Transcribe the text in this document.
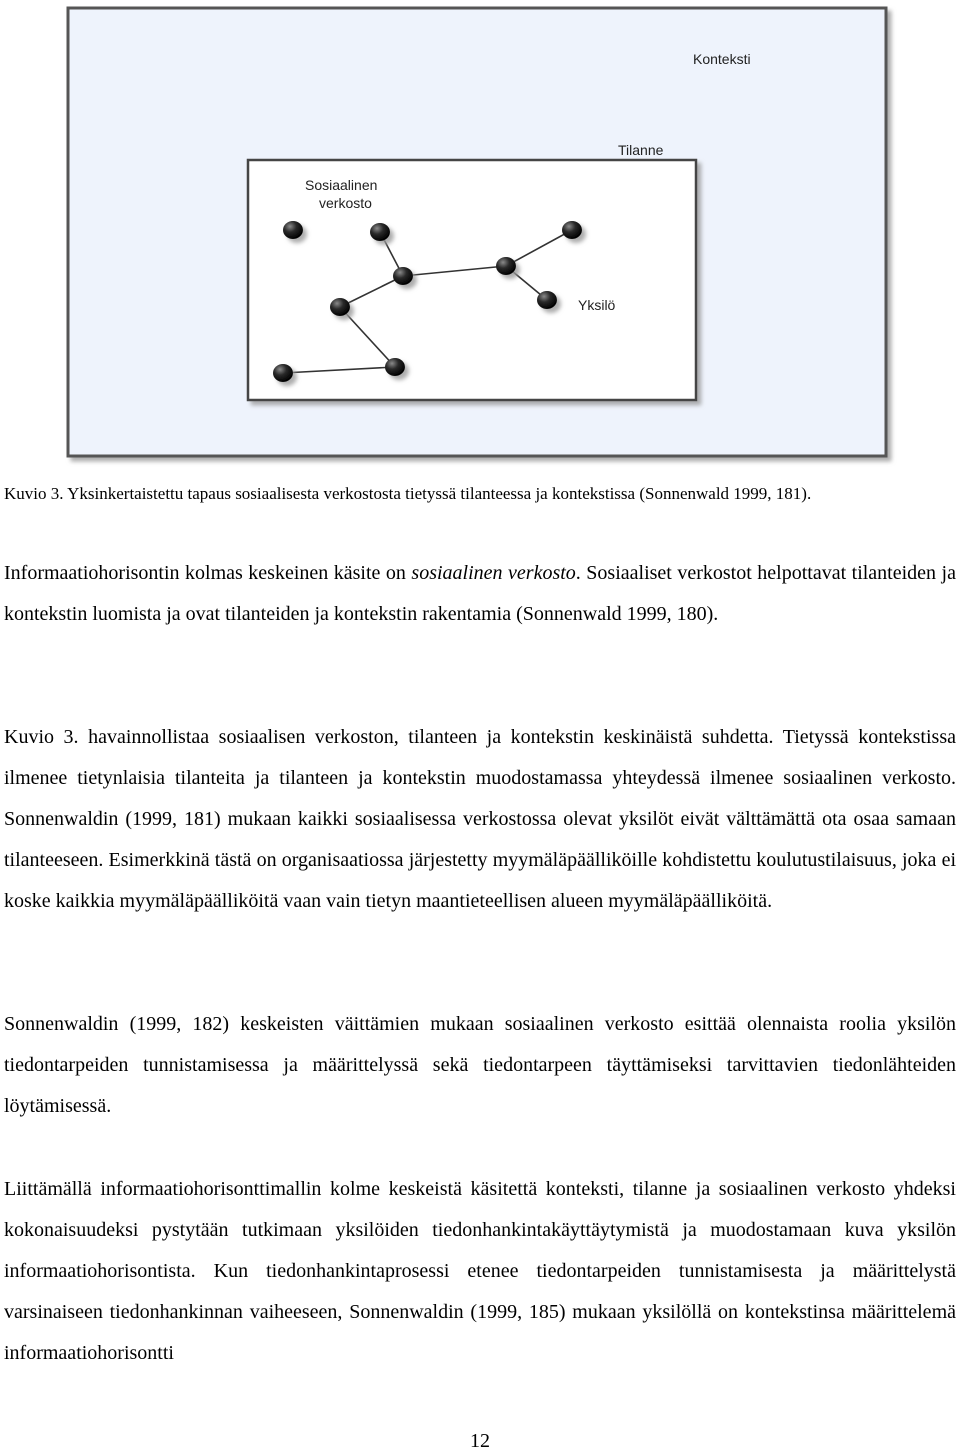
Konteksti
Tilanne
Sosiaalinen
verkosto
Yksilö
Kuvio 3. Yksinkertaistettu tapaus sosiaalisesta verkostosta tietyssä tilanteessa ja kontekstissa (Sonnenwald 1999, 181).

Informaatiohorisontin kolmas keskeinen käsite on sosiaalinen verkosto. Sosiaaliset verkostot helpottavat tilanteiden ja kontekstin luomista ja ovat tilanteiden ja kontekstin rakentamia (Sonnenwald 1999, 180).

Kuvio 3. havainnollistaa sosiaalisen verkoston, tilanteen ja kontekstin keskinäistä suhdetta. Tietyssä kontekstissa ilmenee tietynlaisia tilanteita ja tilanteen ja kontekstin muodostamassa yhteydessä ilmenee sosiaalinen verkosto. Sonnenwaldin (1999, 181) mukaan kaikki sosiaalisessa verkostossa olevat yksilöt eivät välttämättä ota osaa samaan tilanteeseen. Esimerkkinä tästä on organisaatiossa järjestetty myymäläpäälliköille kohdistettu koulutustilaisuus, joka ei koske kaikkia myymäläpäälliköitä vaan vain tietyn maantieteellisen alueen myymäläpäälliköitä.

Sonnenwaldin (1999, 182) keskeisten väittämien mukaan sosiaalinen verkosto esittää olennaista roolia yksilön tiedontarpeiden tunnistamisessa ja määrittelyssä sekä tiedontarpeen täyttämiseksi tarvittavien tiedonlähteiden löytämisessä.

Liittämällä informaatiohorisonttimallin kolme keskeistä käsitettä konteksti, tilanne ja sosiaalinen verkosto yhdeksi kokonaisuudeksi pystytään tutkimaan yksilöiden tiedonhankintakäyttäytymistä ja muodostamaan kuva yksilön informaatiohorisontista. Kun tiedonhankintaprosessi etenee tiedontarpeiden tunnistamisesta ja määrittelystä varsinaiseen tiedonhankinnan vaiheeseen, Sonnenwaldin (1999, 185) mukaan yksilöllä on kontekstinsa määrittelemä informaatiohorisontti

12
